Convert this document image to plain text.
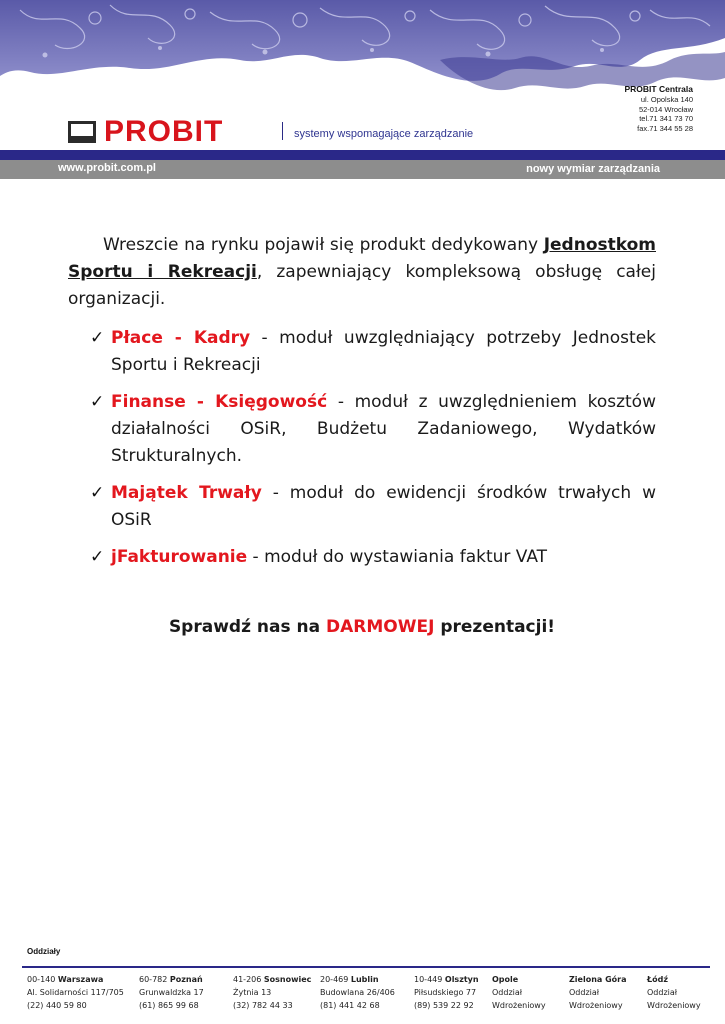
PROBIT Centrala
ul. Opolska 140
52-014 Wrocław
tel.71 341 73 70
fax.71 344 55 28
PROBIT	systemy wspomagające zarządzanie
www.probit.com.pl	nowy wymiar zarządzania

Wreszcie na rynku pojawił się produkt dedykowany Jednostkom Sportu i Rekreacji, zapewniający kompleksową obsługę całej organizacji.

✓ Płace - Kadry - moduł uwzględniający potrzeby Jednostek Sportu i Rekreacji
✓ Finanse - Księgowość - moduł z uwzględnieniem kosztów działalności OSiR, Budżetu Zadaniowego, Wydatków Strukturalnych.
✓ Majątek Trwały - moduł do ewidencji środków trwałych w OSiR
✓ jFakturowanie - moduł do wystawiania faktur VAT
Sprawdź nas na DARMOWEJ prezentacji!
Oddziały
00-140 Warszawa
Al. Solidarności 117/705
(22) 440 59 80
60-782 Poznań
Grunwaldzka 17
(61) 865 99 68
41-206 Sosnowiec
Żytnia 13
(32) 782 44 33
20-469 Lublin
Budowlana 26/406
(81) 441 42 68
10-449 Olsztyn
Piłsudskiego 77
(89) 539 22 92
Opole
Oddział
Wdrożeniowy
Zielona Góra
Oddział
Wdrożeniowy
Łódź
Oddział
Wdrożeniowy
